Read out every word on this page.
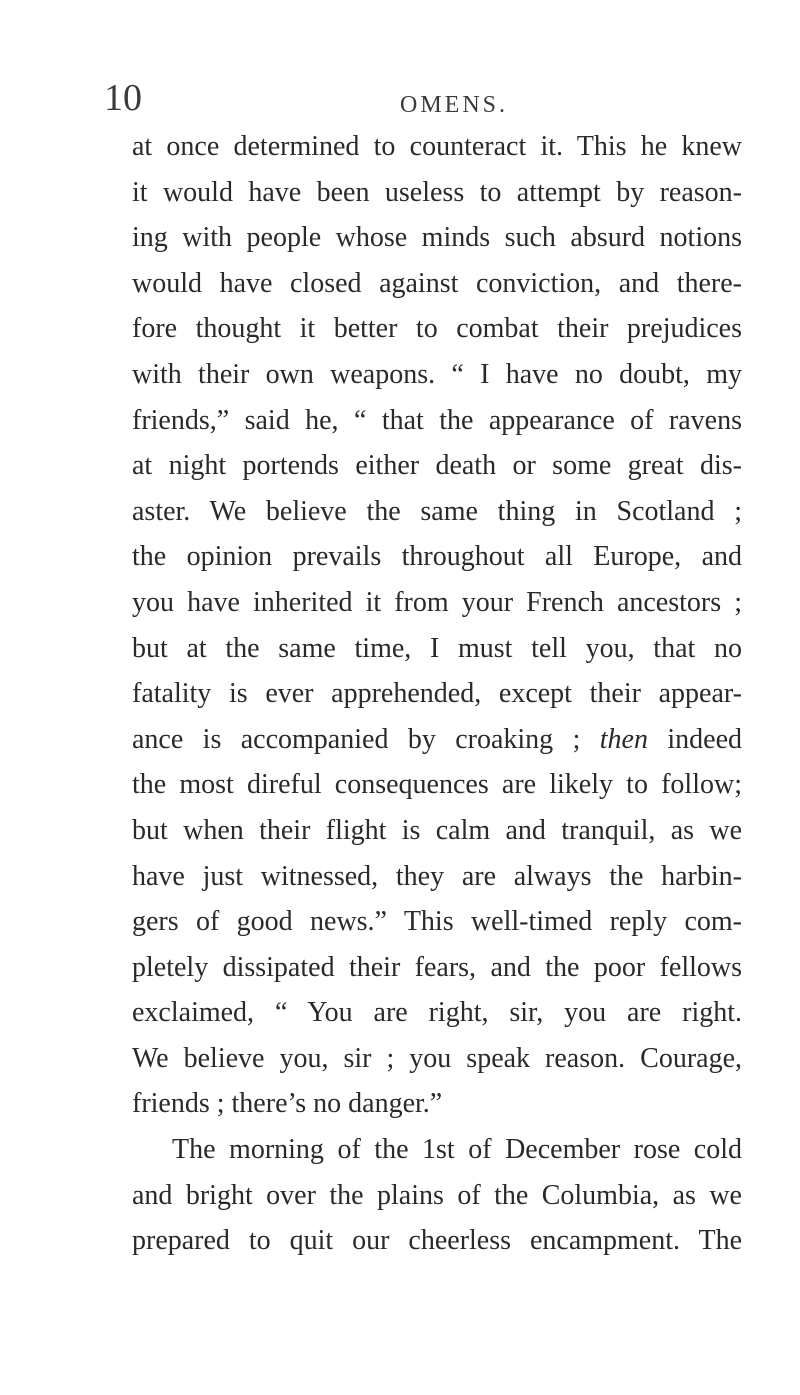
10	OMENS.
at once determined to counteract it. This he knew
it would have been useless to attempt by reason-
ing with people whose minds such absurd notions
would have closed against conviction, and there-
fore thought it better to combat their prejudices
with their own weapons. “ I have no doubt, my
friends,” said he, “ that the appearance of ravens
at night portends either death or some great dis-
aster. We believe the same thing in Scotland ;
the opinion prevails throughout all Europe, and
you have inherited it from your French ancestors ;
but at the same time, I must tell you, that no
fatality is ever apprehended, except their appear-
ance is accompanied by croaking ; then indeed
the most direful consequences are likely to follow;
but when their flight is calm and tranquil, as we
have just witnessed, they are always the harbin-
gers of good news.” This well-timed reply com-
pletely dissipated their fears, and the poor fellows
exclaimed, “ You are right, sir, you are right.
We believe you, sir ; you speak reason. Courage,
friends ; there’s no danger.”
The morning of the 1st of December rose cold
and bright over the plains of the Columbia, as we
prepared to quit our cheerless encampment. The
